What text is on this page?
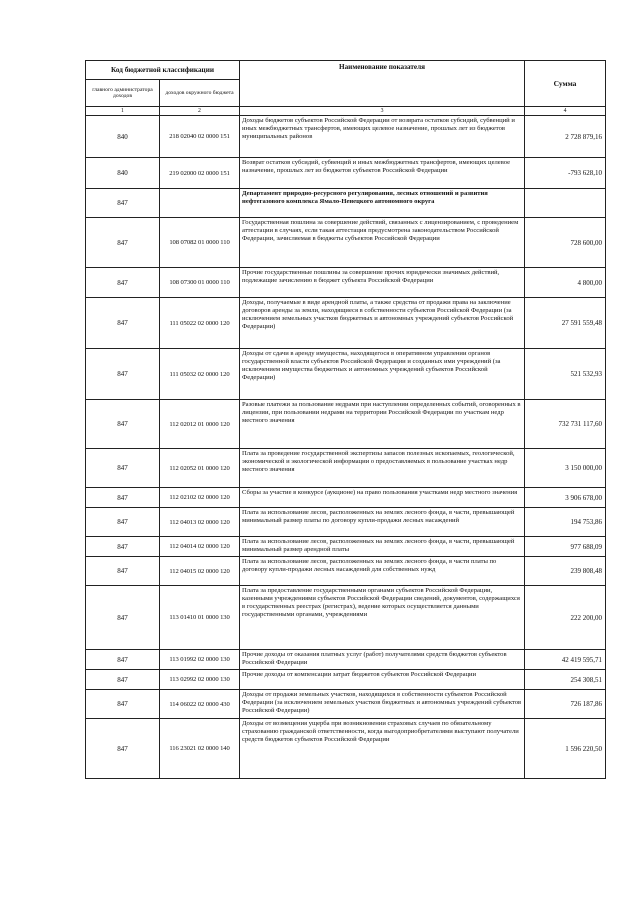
Код бюджетной классификации		Наименование показателя	Сумма
главного администратора доходов	доходов окружного бюджета		
1	2	3	4
840	218 02040 02 0000 151	Доходы бюджетов субъектов Российской Федерации от возврата остатков субсидий, субвенций и иных межбюджетных трансфертов, имеющих целевое назначение, прошлых лет из бюджетов муниципальных районов	2 728 879,16
840	219 02000 02 0000 151	Возврат остатков субсидий, субвенций и иных межбюджетных трансфертов, имеющих целевое назначение, прошлых лет из бюджетов субъектов Российской Федерации	-793 628,10
847		Департамент природно-ресурсного регулирования, лесных отношений и развития нефтегазового комплекса Ямало-Ненецкого автономного округа	
847	108 07082 01 0000 110	Государственная пошлина за совершение действий, связанных с лицензированием, с проведением аттестации в случаях, если такая аттестация предусмотрена законодательством Российской Федерации, зачисляемая в бюджеты субъектов Российской Федерации	728 600,00
847	108 07300 01 0000 110	Прочие государственные пошлины за совершение прочих юридически значимых действий, подлежащие зачислению в бюджет субъекта Российской Федерации	4 800,00
847	111 05022 02 0000 120	Доходы, получаемые в виде арендной платы, а также средства от продажи права на заключение договоров аренды за земли, находящиеся в собственности субъектов Российской Федерации (за исключением земельных участков бюджетных и автономных учреждений субъектов Российской Федерации)	27 591 559,48
847	111 05032 02 0000 120	Доходы от сдачи в аренду имущества, находящегося в оперативном управлении органов государственной власти субъектов Российской Федерации и созданных ими учреждений (за исключением имущества бюджетных и автономных учреждений субъектов Российской Федерации)	521 532,93
847	112 02012 01 0000 120	Разовые платежи за пользование недрами при наступлении определенных событий, оговоренных в лицензии, при пользовании недрами на территории Российской Федерации по участкам недр местного значения	732 731 117,60
847	112 02052 01 0000 120	Плата за проведение государственной экспертизы запасов полезных ископаемых, геологической, экономической и экологической информации о предоставляемых в пользование участках недр местного значения	3 150 000,00
847	112 02102 02 0000 120	Сборы за участие в конкурсе (аукционе) на право пользования участками недр местного значения	3 906 678,00
847	112 04013 02 0000 120	Плата за использование лесов, расположенных на землях лесного фонда, в части, превышающей минимальный размер платы по договору купли-продажи лесных насаждений	194 753,86
847	112 04014 02 0000 120	Плата за использование лесов, расположенных на землях лесного фонда, в части, превышающей минимальный размер арендной платы	977 688,09
847	112 04015 02 0000 120	Плата за использование лесов, расположенных на землях лесного фонда, в части платы по договору купли-продажи лесных насаждений для собственных нужд	239 808,48
847	113 01410 01 0000 130	Плата за предоставление государственными органами субъектов Российской Федерации, казенными учреждениями субъектов Российской Федерации сведений, документов, содержащихся в государственных реестрах (регистрах), ведение которых осуществляется данными государственными органами, учреждениями	222 200,00
847	113 01992 02 0000 130	Прочие доходы от оказания платных услуг (работ) получателями средств бюджетов субъектов Российской Федерации	42 419 595,71
847	113 02992 02 0000 130	Прочие доходы от компенсации затрат бюджетов субъектов Российской Федерации	254 308,51
847	114 06022 02 0000 430	Доходы от продажи земельных участков, находящихся в собственности субъектов Российской Федерации (за исключением земельных участков бюджетных и автономных учреждений субъектов Российской Федерации)	726 187,86
847	116 23021 02 0000 140	Доходы от возмещения ущерба при возникновении страховых случаев по обязательному страхованию гражданской ответственности, когда выгодоприобретателями выступают получатели средств бюджетов субъектов Российской Федерации	1 596 220,50
